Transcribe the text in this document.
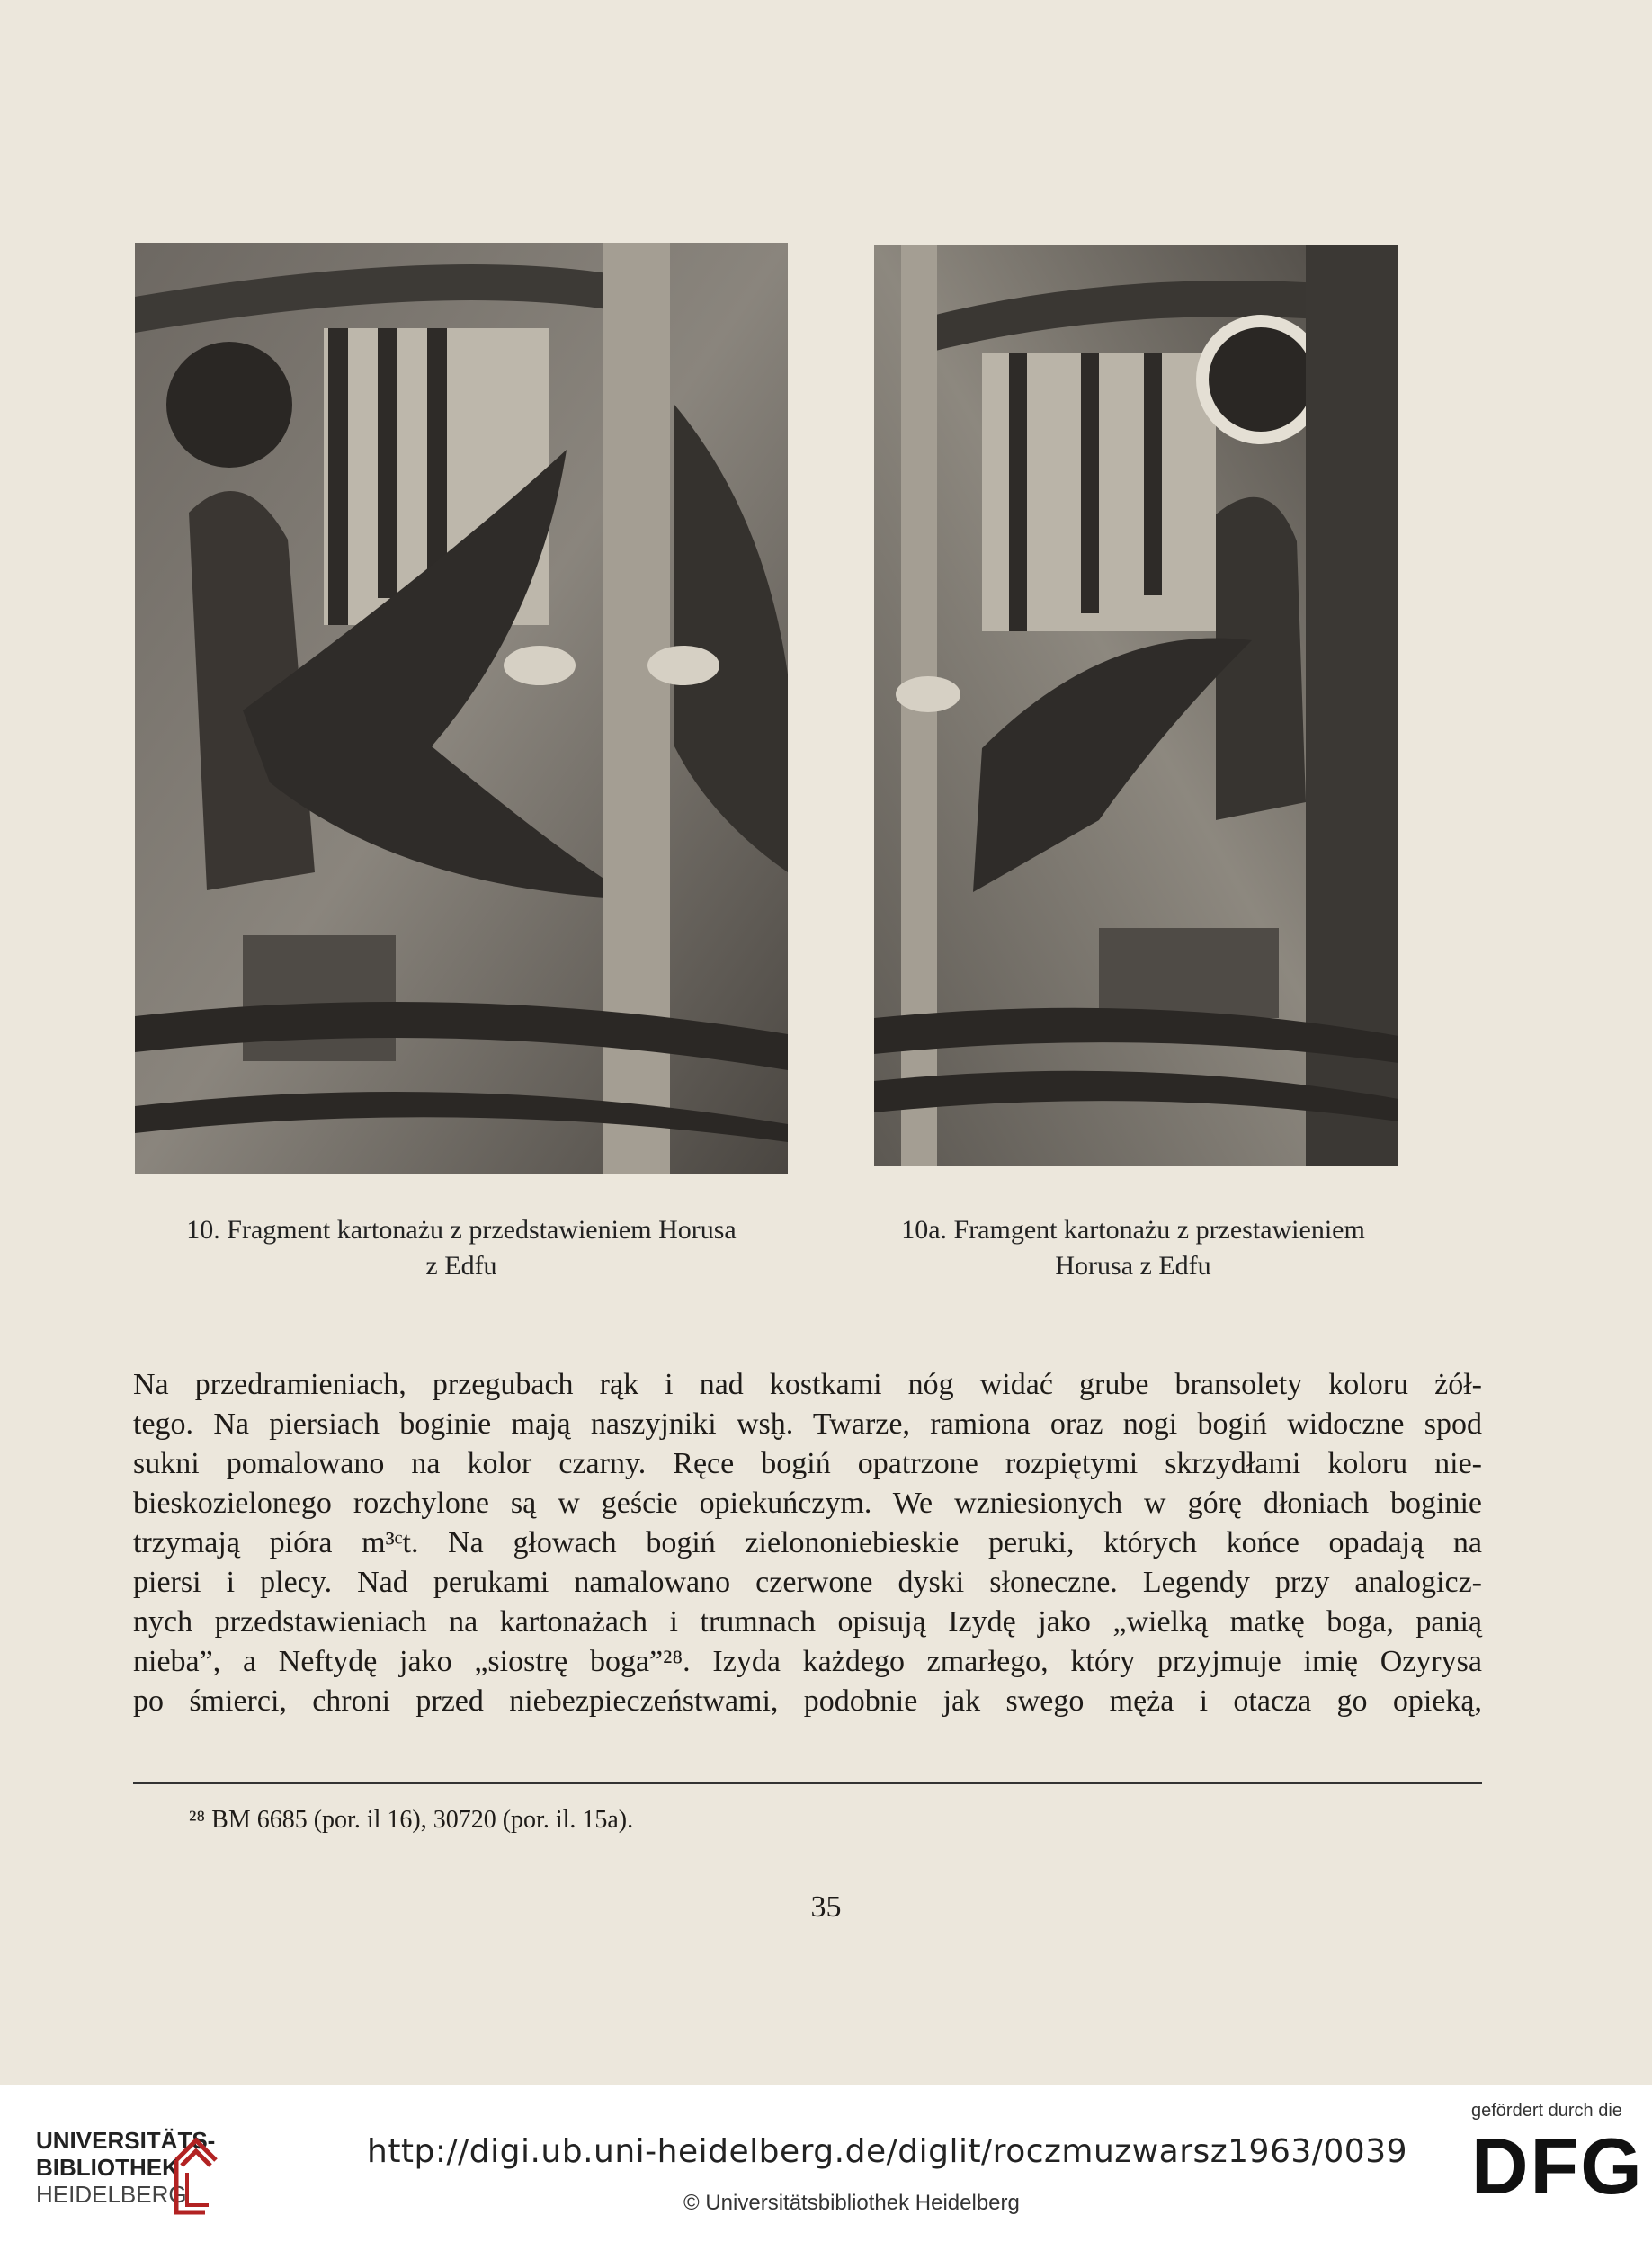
10. Fragment kartonażu z przedstawieniem Horusa
z Edfu
10a. Framgent kartonażu z przestawieniem
Horusa z Edfu

Na przedramieniach, przegubach rąk i nad kostkami nóg widać grube bransolety koloru żół-

tego. Na piersiach boginie mają naszyjniki wsḫ. Twarze, ramiona oraz nogi bogiń widoczne spod

sukni pomalowano na kolor czarny. Ręce bogiń opatrzone rozpiętymi skrzydłami koloru nie-

bieskozielonego rozchylone są w geście opiekuńczym. We wzniesionych w górę dłoniach boginie

trzymają pióra m³ᶜt. Na głowach bogiń zielononiebieskie peruki, których końce opadają na

piersi i plecy. Nad perukami namalowano czerwone dyski słoneczne. Legendy przy analogicz-

nych przedstawieniach na kartonażach i trumnach opisują Izydę jako „wielką matkę boga, panią

nieba”, a Neftydę jako „siostrę boga”²⁸. Izyda każdego zmarłego, który przyjmuje imię Ozyrysa

po śmierci, chroni przed niebezpieczeństwami, podobnie jak swego męża i otacza go opieką,

²⁸ BM 6685 (por. il 16), 30720 (por. il. 15a).
35
UNIVERSITÄTS-
BIBLIOTHEK
HEIDELBERG
http://digi.ub.uni-heidelberg.de/diglit/roczmuzwarsz1963/0039
© Universitätsbibliothek Heidelberg
gefördert durch die
DFG
